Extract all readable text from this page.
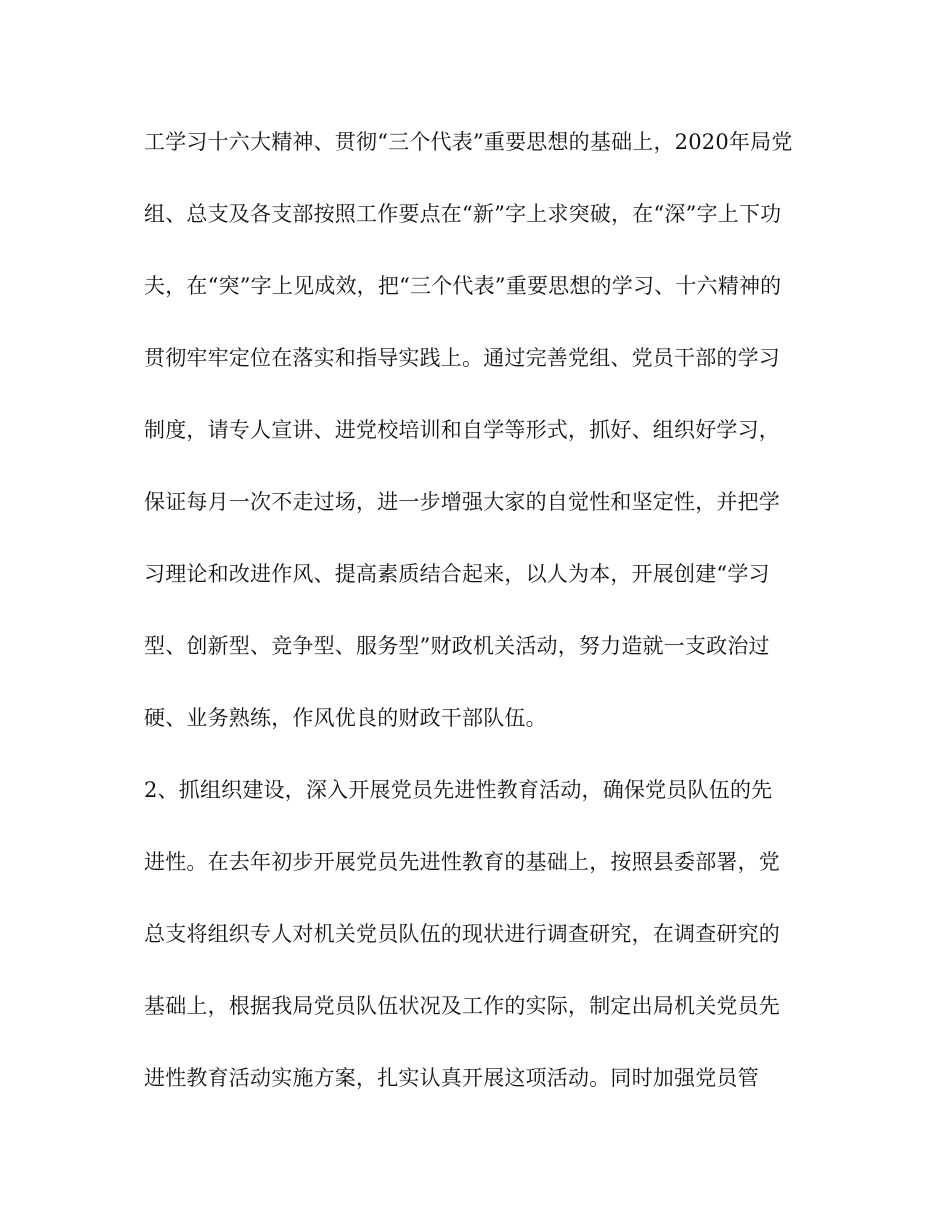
工学习十六大精神、贯彻“三个代表”重要思想的基础上，2020年局党
组、总支及各支部按照工作要点在“新”字上求突破，在“深”字上下功
夫，在“突”字上见成效，把“三个代表”重要思想的学习、十六精神的
贯彻牢牢定位在落实和指导实践上。通过完善党组、党员干部的学习
制度，请专人宣讲、进党校培训和自学等形式，抓好、组织好学习，
保证每月一次不走过场，进一步增强大家的自觉性和坚定性，并把学
习理论和改进作风、提高素质结合起来，以人为本，开展创建“学习
型、创新型、竞争型、服务型”财政机关活动，努力造就一支政治过
硬、业务熟练，作风优良的财政干部队伍。
2、抓组织建设，深入开展党员先进性教育活动，确保党员队伍的先
进性。在去年初步开展党员先进性教育的基础上，按照县委部署，党
总支将组织专人对机关党员队伍的现状进行调查研究，在调查研究的
基础上，根据我局党员队伍状况及工作的实际，制定出局机关党员先
进性教育活动实施方案，扎实认真开展这项活动。同时加强党员管
